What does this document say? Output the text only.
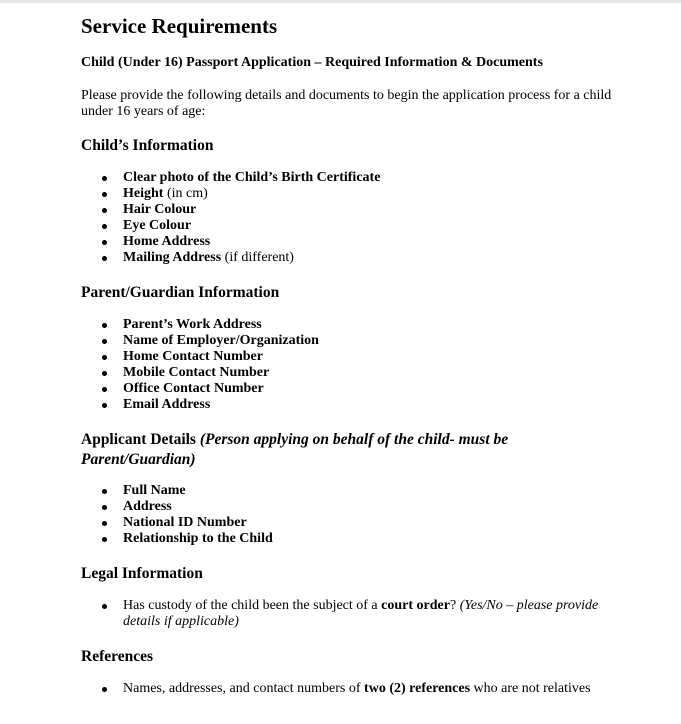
Service Requirements
Child (Under 16) Passport Application – Required Information & Documents
Please provide the following details and documents to begin the application process for a child under 16 years of age:
Child’s Information
Clear photo of the Child’s Birth Certificate
Height (in cm)
Hair Colour
Eye Colour
Home Address
Mailing Address (if different)
Parent/Guardian Information
Parent’s Work Address
Name of Employer/Organization
Home Contact Number
Mobile Contact Number
Office Contact Number
Email Address
Applicant Details (Person applying on behalf of the child- must be Parent/Guardian)
Full Name
Address
National ID Number
Relationship to the Child
Legal Information
Has custody of the child been the subject of a court order? (Yes/No – please provide details if applicable)
References
Names, addresses, and contact numbers of two (2) references who are not relatives
